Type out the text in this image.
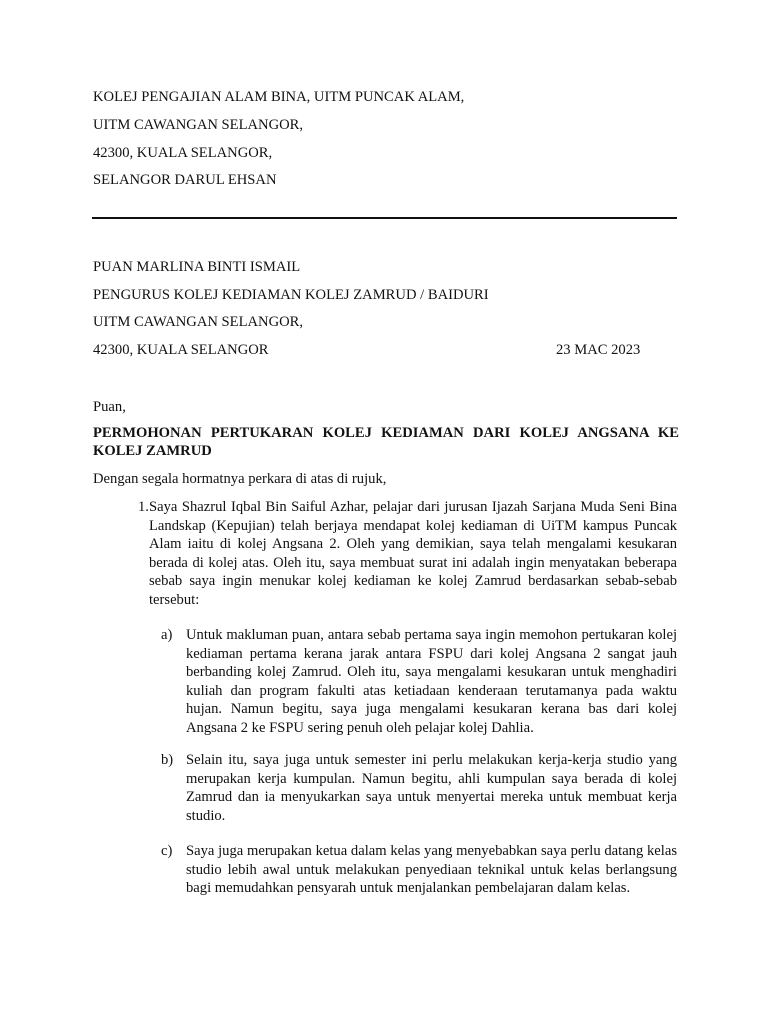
KOLEJ PENGAJIAN ALAM BINA, UITM PUNCAK ALAM,
UITM CAWANGAN SELANGOR,
42300, KUALA SELANGOR,
SELANGOR DARUL EHSAN
PUAN MARLINA BINTI ISMAIL
PENGURUS KOLEJ KEDIAMAN KOLEJ ZAMRUD / BAIDURI
UITM CAWANGAN SELANGOR,
42300, KUALA SELANGOR	23 MAC 2023
Puan,
PERMOHONAN PERTUKARAN KOLEJ KEDIAMAN DARI KOLEJ ANGSANA KE KOLEJ ZAMRUD
Dengan segala hormatnya perkara di atas di rujuk,
1. Saya Shazrul Iqbal Bin Saiful Azhar, pelajar dari jurusan Ijazah Sarjana Muda Seni Bina Landskap (Kepujian) telah berjaya mendapat kolej kediaman di UiTM kampus Puncak Alam iaitu di kolej Angsana 2. Oleh yang demikian, saya telah mengalami kesukaran berada di kolej atas. Oleh itu, saya membuat surat ini adalah ingin menyatakan beberapa sebab saya ingin menukar kolej kediaman ke kolej Zamrud berdasarkan sebab-sebab tersebut:
a) Untuk makluman puan, antara sebab pertama saya ingin memohon pertukaran kolej kediaman pertama kerana jarak antara FSPU dari kolej Angsana 2 sangat jauh berbanding kolej Zamrud. Oleh itu, saya mengalami kesukaran untuk menghadiri kuliah dan program fakulti atas ketiadaan kenderaan terutamanya pada waktu hujan. Namun begitu, saya juga mengalami kesukaran kerana bas dari kolej Angsana 2 ke FSPU sering penuh oleh pelajar kolej Dahlia.
b) Selain itu, saya juga untuk semester ini perlu melakukan kerja-kerja studio yang merupakan kerja kumpulan. Namun begitu, ahli kumpulan saya berada di kolej Zamrud dan ia menyukarkan saya untuk menyertai mereka untuk membuat kerja studio.
c) Saya juga merupakan ketua dalam kelas yang menyebabkan saya perlu datang kelas studio lebih awal untuk melakukan penyediaan teknikal untuk kelas berlangsung bagi memudahkan pensyarah untuk menjalankan pembelajaran dalam kelas.
